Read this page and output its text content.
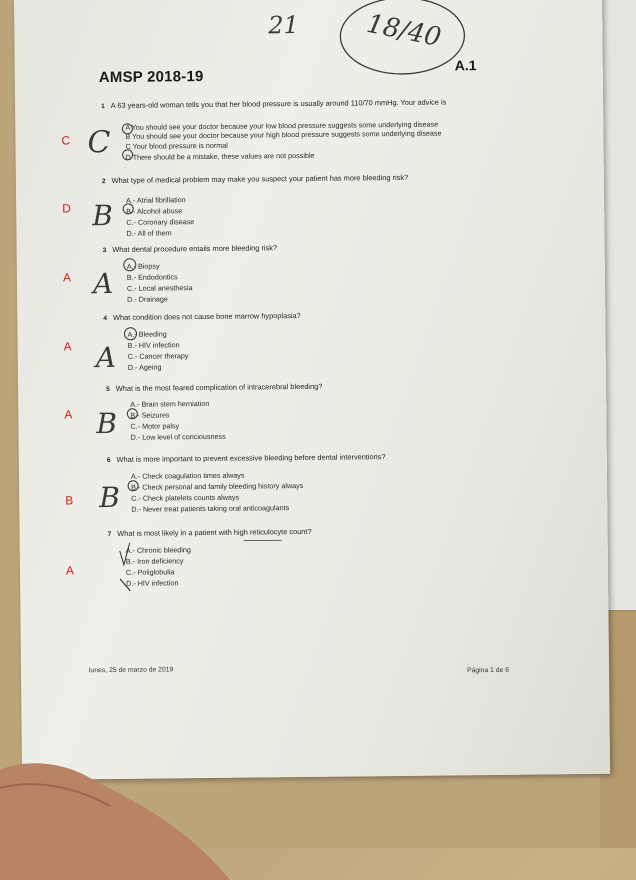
AMSP 2018-19
A.1
21	18/40
1 A 63 years-old woman tells you that her blood pressure is usually around 110/70 mmHg. Your advice is
C C A You should see your doctor because your low blood pressure suggests some underlying disease
B You should see your doctor because your high blood pressure suggests some underlying disease
C Your blood pressure is normal
D There should be a mistake, these values are not possible
2 What type of medical problem may make you suspect your patient has more bleeding risk?
D B A.- Atrial fibrillation
B.- Alcohol abuse
C.- Coronary disease
D.- All of them
3 What dental procedure entails more bleeding risk?
A A
A.- Biopsy
B.- Endodontics
C.- Local anesthesia
D.- Drainage
4 What condition does not cause bone marrow hypoplasia?
A A
A.- Bleeding
B.- HIV infection
C.- Cancer therapy
D.- Ageing
5 What is the most feared complication of intracerebral bleeding?
A B
A.- Brain stem herniation
B.- Seizures
C.- Motor palsy
D.- Low level of conciousness
6 What is more important to prevent excessive bleeding before dental interventions?
B B
A.- Check coagulation times always
B.- Check personal and family bleeding history always
C.- Check platelets counts always
D.- Never treat patients taking oral anticoagulants
7 What is most likely in a patient with high reticulocyte count?
A
A.- Chronic bleeding
B.- Iron deficiency
C.- Poliglobulia
D.- HIV infection
lunes, 25 de marzo de 2019	Página 1 de 6
